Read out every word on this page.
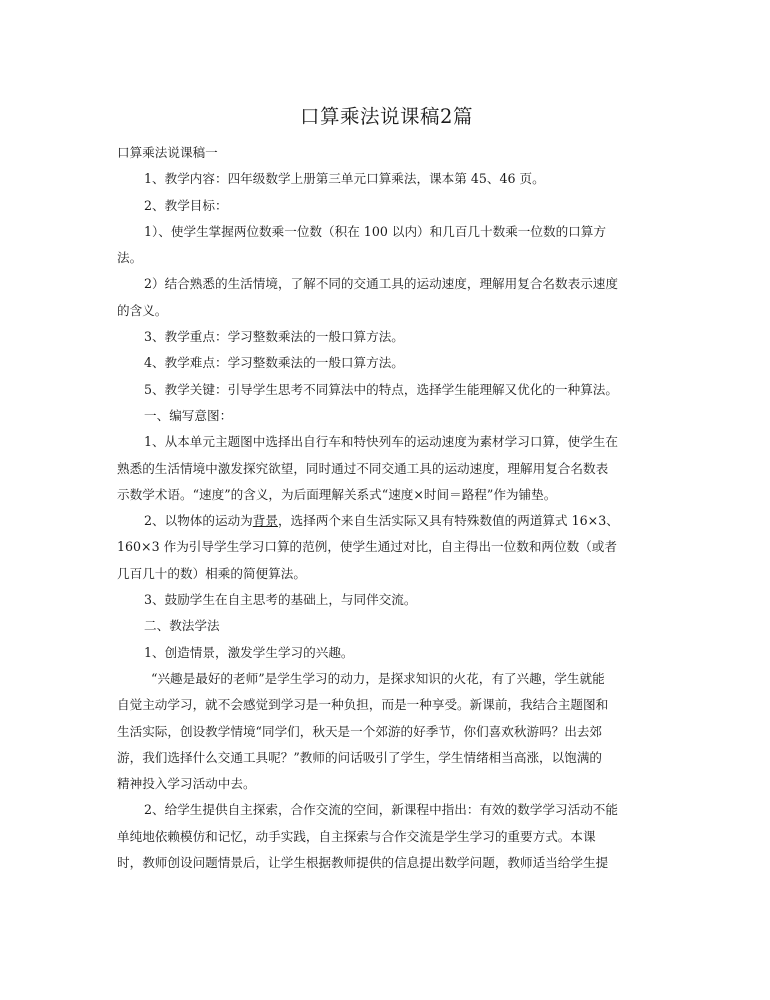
口算乘法说课稿2篇

口算乘法说课稿一

1、教学内容：四年级数学上册第三单元口算乘法，课本第 45、46 页。

2、教学目标：

1）、使学生掌握两位数乘一位数（积在 100 以内）和几百几十数乘一位数的口算方

法。

2）结合熟悉的生活情境，了解不同的交通工具的运动速度，理解用复合名数表示速度

的含义。

3、教学重点：学习整数乘法的一般口算方法。

4、教学难点：学习整数乘法的一般口算方法。

5、教学关键：引导学生思考不同算法中的特点，选择学生能理解又优化的一种算法。

一、编写意图：

1、从本单元主题图中选择出自行车和特快列车的运动速度为素材学习口算，使学生在

熟悉的生活情境中激发探究欲望，同时通过不同交通工具的运动速度，理解用复合名数表

示数学术语。“速度”的含义，为后面理解关系式“速度×时间＝路程”作为铺垫。

2、以物体的运动为背景，选择两个来自生活实际又具有特殊数值的两道算式 16×3、

160×3 作为引导学生学习口算的范例，使学生通过对比，自主得出一位数和两位数（或者

几百几十的数）相乘的简便算法。

3、鼓励学生在自主思考的基础上，与同伴交流。

二、教法学法

1、创造情景，激发学生学习的兴趣。

“兴趣是最好的老师”是学生学习的动力，是探求知识的火花，有了兴趣，学生就能

自觉主动学习，就不会感觉到学习是一种负担，而是一种享受。新课前，我结合主题图和

生活实际，创设教学情境“同学们，秋天是一个郊游的好季节，你们喜欢秋游吗？出去郊

游，我们选择什么交通工具呢？”教师的问话吸引了学生，学生情绪相当高涨，以饱满的

精神投入学习活动中去。

2、给学生提供自主探索，合作交流的空间，新课程中指出：有效的数学学习活动不能

单纯地依赖模仿和记忆，动手实践，自主探索与合作交流是学生学习的重要方式。本课

时，教师创设问题情景后，让学生根据教师提供的信息提出数学问题，教师适当给学生提
